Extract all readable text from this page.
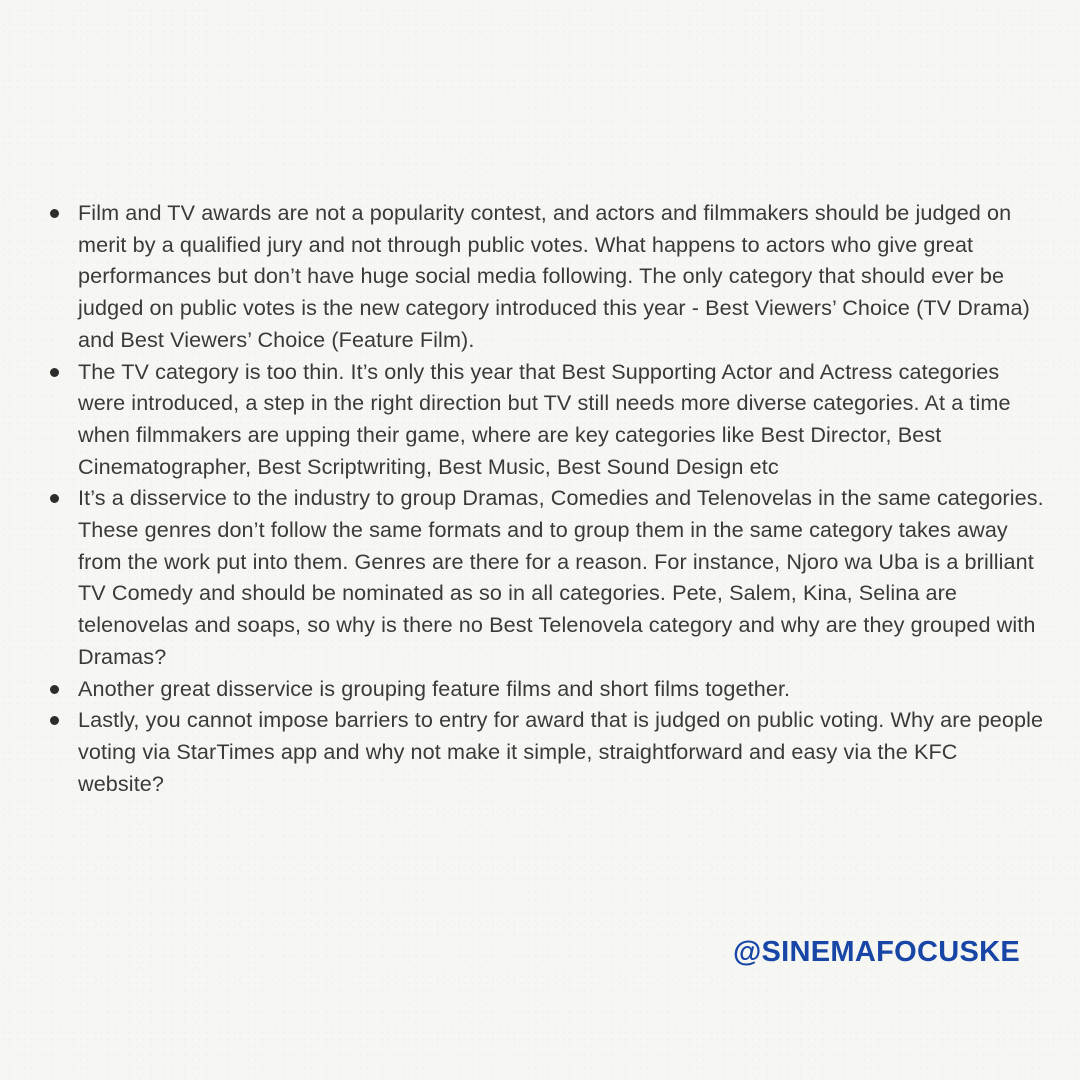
Film and TV awards are not a popularity contest, and actors and filmmakers should be judged on merit by a qualified jury and not through public votes. What happens to actors who give great performances but don’t have huge social media following. The only category that should ever be judged on public votes is the new category introduced this year - Best Viewers’ Choice (TV Drama) and Best Viewers’ Choice (Feature Film).
The TV category is too thin. It’s only this year that Best Supporting Actor and Actress categories were introduced, a step in the right direction but TV still needs more diverse categories. At a time when filmmakers are upping their game, where are key categories like Best Director, Best Cinematographer, Best Scriptwriting, Best Music, Best Sound Design etc
It’s a disservice to the industry to group Dramas, Comedies and Telenovelas in the same categories. These genres don’t follow the same formats and to group them in the same category takes away from the work put into them. Genres are there for a reason. For instance, Njoro wa Uba is a brilliant TV Comedy and should be nominated as so in all categories. Pete, Salem, Kina, Selina are telenovelas and soaps, so why is there no Best Telenovela category and why are they grouped with Dramas?
Another great disservice is grouping feature films and short films together.
Lastly, you cannot impose barriers to entry for award that is judged on public voting. Why are people voting via StarTimes app and why not make it simple, straightforward and easy via the KFC website?
@SINEMAFOCUSKE
